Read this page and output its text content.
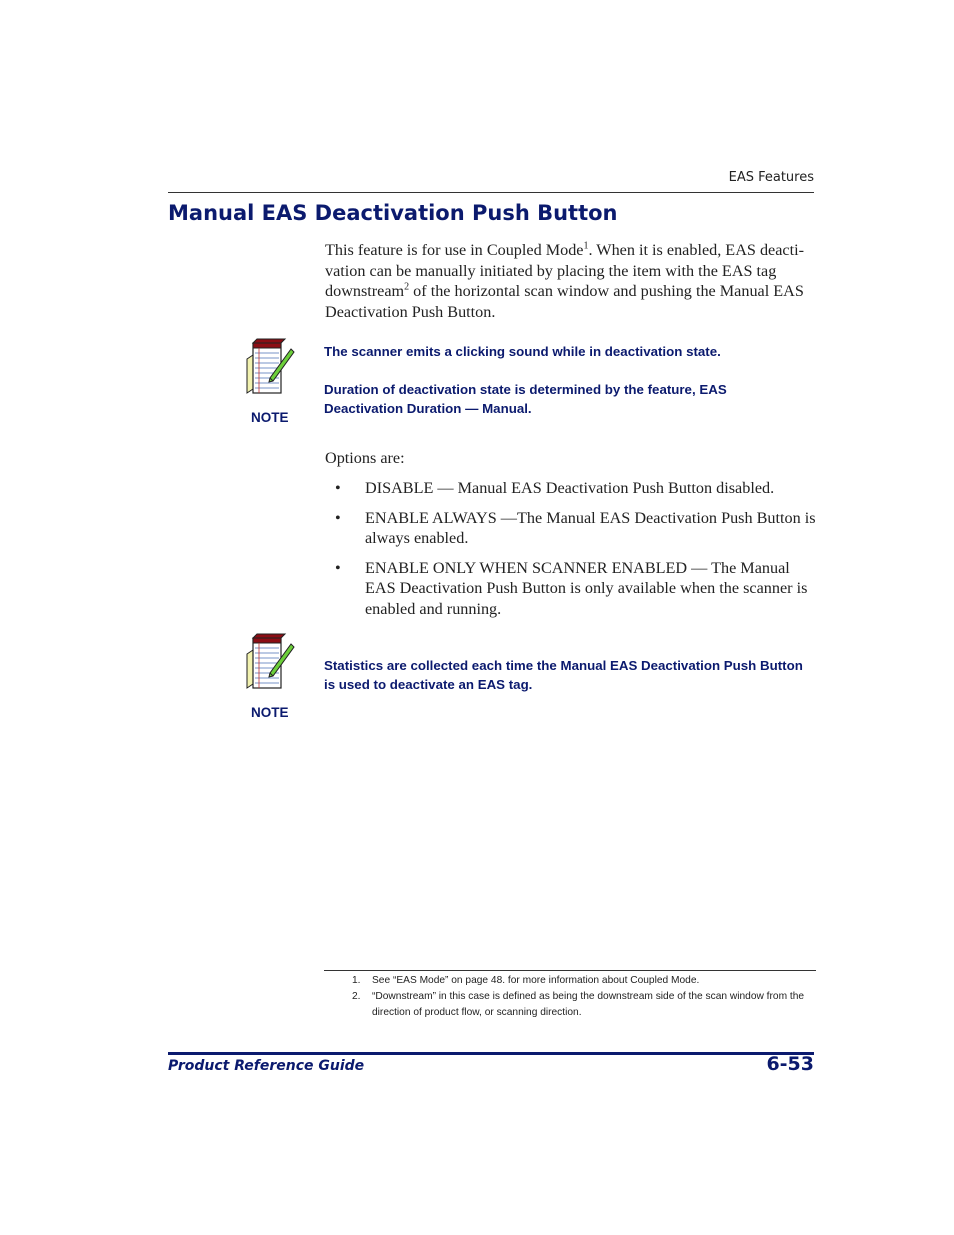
EAS Features
Manual EAS Deactivation Push Button
This feature is for use in Coupled Mode$^1$. When it is enabled, EAS deacti-vation can be manually initiated by placing the item with the EAS tag downstream$^2$ of the horizontal scan window and pushing the Manual EAS Deactivation Push Button.
NOTE
The scanner emits a clicking sound while in deactivation state.
Duration of deactivation state is determined by the feature, EAS Deactivation Duration — Manual.
Options are:
• DISABLE — Manual EAS Deactivation Push Button disabled.
• ENABLE ALWAYS —The Manual EAS Deactivation Push Button is always enabled.
• ENABLE ONLY WHEN SCANNER ENABLED — The Manual EAS Deactivation Push Button is only available when the scanner is enabled and running.
NOTE
Statistics are collected each time the Manual EAS Deactivation Push Button is used to deactivate an EAS tag.
1.	See “EAS Mode” on page 48. for more information about Coupled Mode.
2.	“Downstream” in this case is defined as being the downstream side of the scan window from the direction of product flow, or scanning direction.
Product Reference Guide	6-53
